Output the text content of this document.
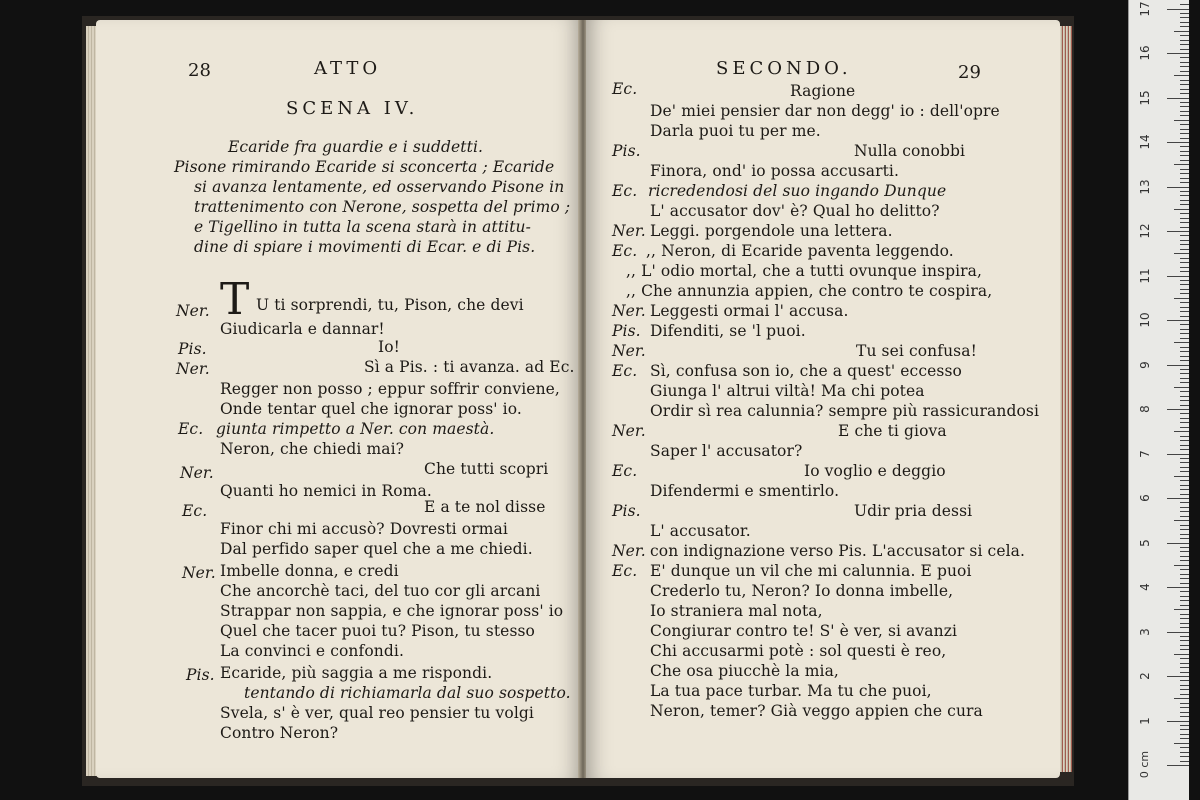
28	ATTO
SCENA IV.
Ecaride fra guardie e i suddetti.
Pisone rimirando Ecaride si sconcerta ; Ecaride
si avanza lentamente, ed osservando Pisone in
trattenimento con Nerone, sospetta del primo ;
e Tigellino in tutta la scena starà in attitu-
dine di spiare i movimenti di Ecar. e di Pis.
T
Ner.	U ti sorprendi, tu, Pison, che devi
Giudicarla e dannar!
Pis.	Io!
Ner.	Sì a Pis. : ti avanza. ad Ec.
Regger non posso ; eppur soffrir conviene,
Onde tentar quel che ignorar poss' io.
Ec. giunta rimpetto a Ner. con maestà.
Neron, che chiedi mai?
Ner.	Che tutti scopri
Quanti ho nemici in Roma.
Ec.	E a te nol disse
Finor chi mi accusò? Dovresti ormai
Dal perfido saper quel che a me chiedi.
Ner. Imbelle donna, e credi
Che ancorchè taci, del tuo cor gli arcani
Strappar non sappia, e che ignorar poss' io
Quel che tacer puoi tu? Pison, tu stesso
La convinci e confondi.
Pis. Ecaride, più saggia a me rispondi.
tentando di richiamarla dal suo sospetto.
Svela, s' è ver, qual reo pensier tu volgi
Contro Neron?
SECONDO.	29
Ec.	Ragione
De' miei pensier dar non degg' io : dell'opre
Darla puoi tu per me.
Pis.	Nulla conobbi
Finora, ond' io possa accusarti.
Ec. ricredendosi del suo ingando Dunque
L' accusator dov' è? Qual ho delitto?
Ner. Leggi. porgendole una lettera.
Ec. ,, Neron, di Ecaride paventa leggendo.
,, L' odio mortal, che a tutti ovunque inspira,
,, Che annunzia appien, che contro te cospira,
Ner. Leggesti ormai l' accusa.
Pis. Difenditi, se 'l puoi.
Ner.	Tu sei confusa!
Ec. Sì, confusa son io, che a quest' eccesso
Giunga l' altrui viltà! Ma chi potea
Ordir sì rea calunnia? sempre più rassicurandosi
Ner.	E che ti giova
Saper l' accusator?
Ec.	Io voglio e deggio
Difendermi e smentirlo.
Pis.	Udir pria dessi
L' accusator.
Ner. con indignazione verso Pis. L'accusator si cela.
Ec. E' dunque un vil che mi calunnia. E puoi
Crederlo tu, Neron? Io donna imbelle,
Io straniera mal nota,
Congiurar contro te! S' è ver, si avanzi
Chi accusarmi potè : sol questi è reo,
Che osa piucchè la mia,
La tua pace turbar. Ma tu che puoi,
Neron, temer? Già veggo appien che cura
0 cm
1
2
3
4
5
6
7
8
9
10
11
12
13
14
15
16
17
